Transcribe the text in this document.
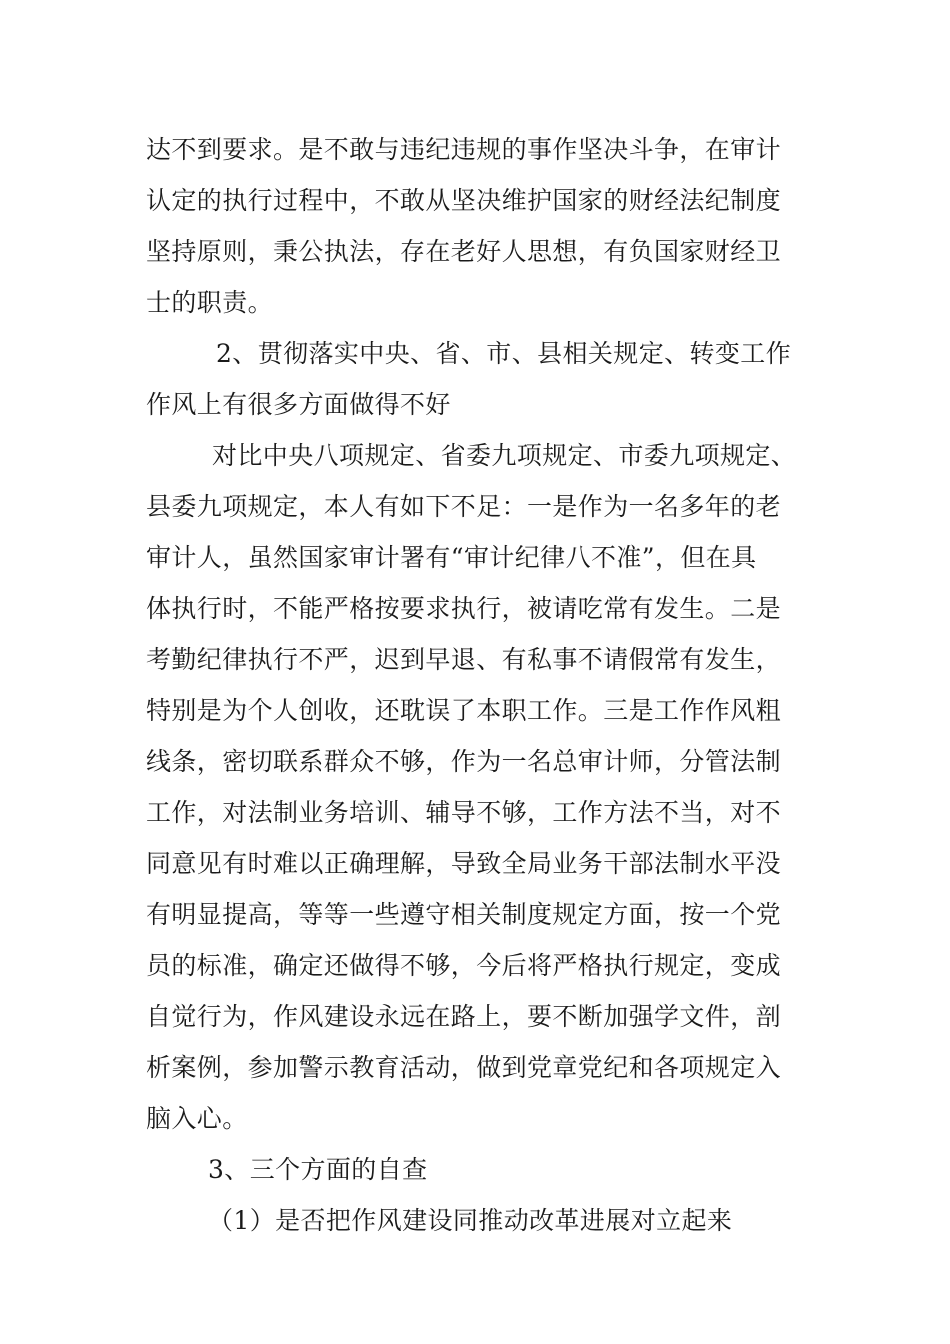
达不到要求。是不敢与违纪违规的事作坚决斗争，在审计
认定的执行过程中，不敢从坚决维护国家的财经法纪制度
坚持原则，秉公执法，存在老好人思想，有负国家财经卫
士的职责。
2、贯彻落实中央、省、市、县相关规定、转变工作
作风上有很多方面做得不好
对比中央八项规定、省委九项规定、市委九项规定、
县委九项规定，本人有如下不足：一是作为一名多年的老
审计人，虽然国家审计署有“审计纪律八不准”，但在具
体执行时，不能严格按要求执行，被请吃常有发生。二是
考勤纪律执行不严，迟到早退、有私事不请假常有发生，
特别是为个人创收，还耽误了本职工作。三是工作作风粗
线条，密切联系群众不够，作为一名总审计师，分管法制
工作，对法制业务培训、辅导不够，工作方法不当，对不
同意见有时难以正确理解，导致全局业务干部法制水平没
有明显提高，等等一些遵守相关制度规定方面，按一个党
员的标准，确定还做得不够，今后将严格执行规定，变成
自觉行为，作风建设永远在路上，要不断加强学文件，剖
析案例，参加警示教育活动，做到党章党纪和各项规定入
脑入心。
3、三个方面的自查
（1）是否把作风建设同推动改革进展对立起来
